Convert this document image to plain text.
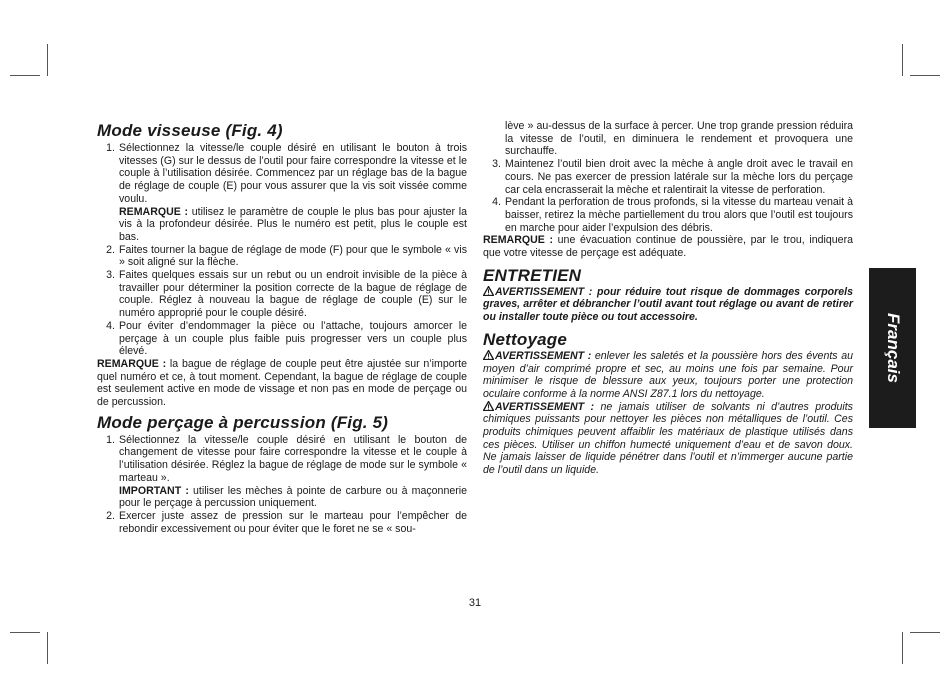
Mode visseuse (Fig. 4)
1. Sélectionnez la vitesse/le couple désiré en utilisant le bouton à trois vitesses (G) sur le dessus de l’outil pour faire correspondre la vitesse et le couple à l’utilisation désirée. Commencez par un réglage bas de la bague de réglage de couple (E) pour vous assurer que la vis soit vissée comme voulu.
REMARQUE : utilisez le paramètre de couple le plus bas pour ajuster la vis à la profondeur désirée. Plus le numéro est petit, plus le couple est bas.
2. Faites tourner la bague de réglage de mode (F) pour que le symbole « vis » soit aligné sur la flèche.
3. Faites quelques essais sur un rebut ou un endroit invisible de la pièce à travailler pour déterminer la position correcte de la bague de réglage de couple. Réglez à nouveau la bague de réglage de couple (E) sur le numéro approprié pour le couple désiré.
4. Pour éviter d’endommager la pièce ou l’attache, toujours amorcer le perçage à un couple plus faible puis progresser vers un couple plus élevé.

REMARQUE : la bague de réglage de couple peut être ajustée sur n’importe quel numéro et ce, à tout moment. Cependant, la bague de réglage de couple est seulement active en mode de vissage et non pas en mode de perçage ou de percussion.

Mode perçage à percussion (Fig. 5)
1. Sélectionnez la vitesse/le couple désiré en utilisant le bouton de changement de vitesse pour faire correspondre la vitesse et le couple à l’utilisation désirée. Réglez la bague de réglage de mode sur le symbole « marteau ».
IMPORTANT : utiliser les mèches à pointe de carbure ou à maçonnerie pour le perçage à percussion uniquement.
2. Exercer juste assez de pression sur le marteau pour l’empêcher de rebondir excessivement ou pour éviter que le foret ne se « sou-
lève » au-dessus de la surface à percer. Une trop grande pression réduira la vitesse de l’outil, en diminuera le rendement et provoquera une surchauffe.
3. Maintenez l’outil bien droit avec la mèche à angle droit avec le travail en cours. Ne pas exercer de pression latérale sur la mèche lors du perçage car cela encrasserait la mèche et ralentirait la vitesse de perforation.
4. Pendant la perforation de trous profonds, si la vitesse du marteau venait à baisser, retirez la mèche partiellement du trou alors que l’outil est toujours en marche pour aider l’expulsion des débris.

REMARQUE : une évacuation continue de poussière, par le trou, indiquera que votre vitesse de perçage est adéquate.

ENTRETIEN

AVERTISSEMENT : pour réduire tout risque de dommages corporels graves, arrêter et débrancher l’outil avant tout réglage ou avant de retirer ou installer toute pièce ou tout accessoire.

Nettoyage

AVERTISSEMENT : enlever les saletés et la poussière hors des évents au moyen d’air comprimé propre et sec, au moins une fois par semaine. Pour minimiser le risque de blessure aux yeux, toujours porter une protection oculaire conforme à la norme ANSI Z87.1 lors du nettoyage.

AVERTISSEMENT : ne jamais utiliser de solvants ni d’autres produits chimiques puissants pour nettoyer les pièces non métalliques de l’outil. Ces produits chimiques peuvent affaiblir les matériaux de plastique utilisés dans ces pièces. Utiliser un chiffon humecté uniquement d’eau et de savon doux. Ne jamais laisser de liquide pénétrer dans l’outil et n’immerger aucune partie de l’outil dans un liquide.

Français
31
